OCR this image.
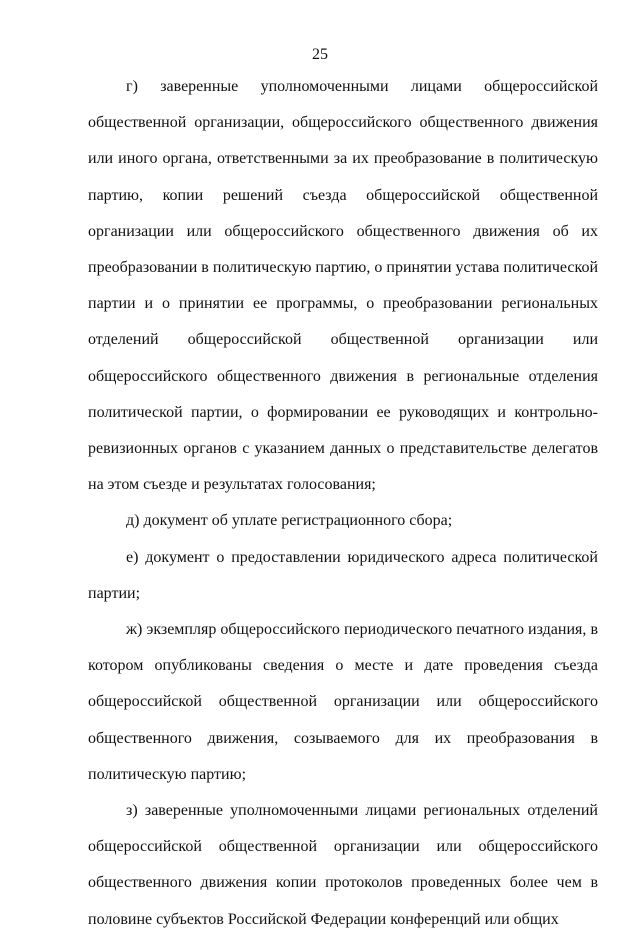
25

г) заверенные уполномоченными лицами общероссийской общественной организации, общероссийского общественного движения или иного органа, ответственными за их преобразование в политическую партию, копии решений съезда общероссийской общественной организации или общероссийского общественного движения об их преобразовании в политическую партию, о принятии устава политической партии и о принятии ее программы, о преобразовании региональных отделений общероссийской общественной организации или общероссийского общественного движения в региональные отделения политической партии, о формировании ее руководящих и контрольно-ревизионных органов с указанием данных о представительстве делегатов на этом съезде и результатах голосования;

д) документ об уплате регистрационного сбора;

е) документ о предоставлении юридического адреса политической партии;

ж) экземпляр общероссийского периодического печатного издания, в котором опубликованы сведения о месте и дате проведения съезда общероссийской общественной организации или общероссийского общественного движения, созываемого для их преобразования в политическую партию;

з) заверенные уполномоченными лицами региональных отделений общероссийской общественной организации или общероссийского общественного движения копии протоколов проведенных более чем в половине субъектов Российской Федерации конференций или общих
